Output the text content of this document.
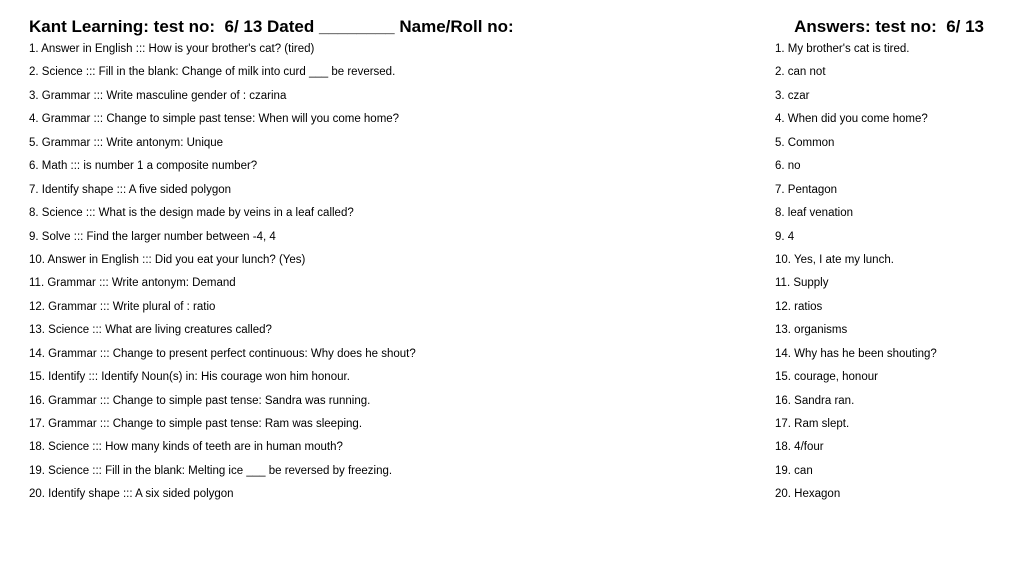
Kant Learning: test no:  6/ 13 Dated ________ Name/Roll no:	Answers: test no:  6/ 13
1. Answer in English ::: How is your brother's cat? (tired)
2. Science ::: Fill in the blank: Change of milk into curd ___ be reversed.
3. Grammar ::: Write masculine gender of : czarina
4. Grammar ::: Change to simple past tense: When will you come home?
5. Grammar ::: Write antonym: Unique
6. Math ::: is number 1 a composite number?
7. Identify shape ::: A five sided polygon
8. Science ::: What is the design made by veins in a leaf called?
9. Solve ::: Find the larger number between -4, 4
10. Answer in English ::: Did you eat your lunch? (Yes)
11. Grammar ::: Write antonym: Demand
12. Grammar ::: Write plural of : ratio
13. Science ::: What are living creatures called?
14. Grammar ::: Change to present perfect continuous: Why does he shout?
15. Identify ::: Identify Noun(s) in: His courage won him honour.
16. Grammar ::: Change to simple past tense: Sandra was running.
17. Grammar ::: Change to simple past tense: Ram was sleeping.
18. Science ::: How many kinds of teeth are in human mouth?
19. Science ::: Fill in the blank: Melting ice ___ be reversed by freezing.
20. Identify shape ::: A six sided polygon
1. My brother's cat is tired.
2. can not
3. czar
4. When did you come home?
5. Common
6. no
7. Pentagon
8. leaf venation
9. 4
10. Yes, I ate my lunch.
11. Supply
12. ratios
13. organisms
14. Why has he been shouting?
15. courage, honour
16. Sandra ran.
17. Ram slept.
18. 4/four
19. can
20. Hexagon
